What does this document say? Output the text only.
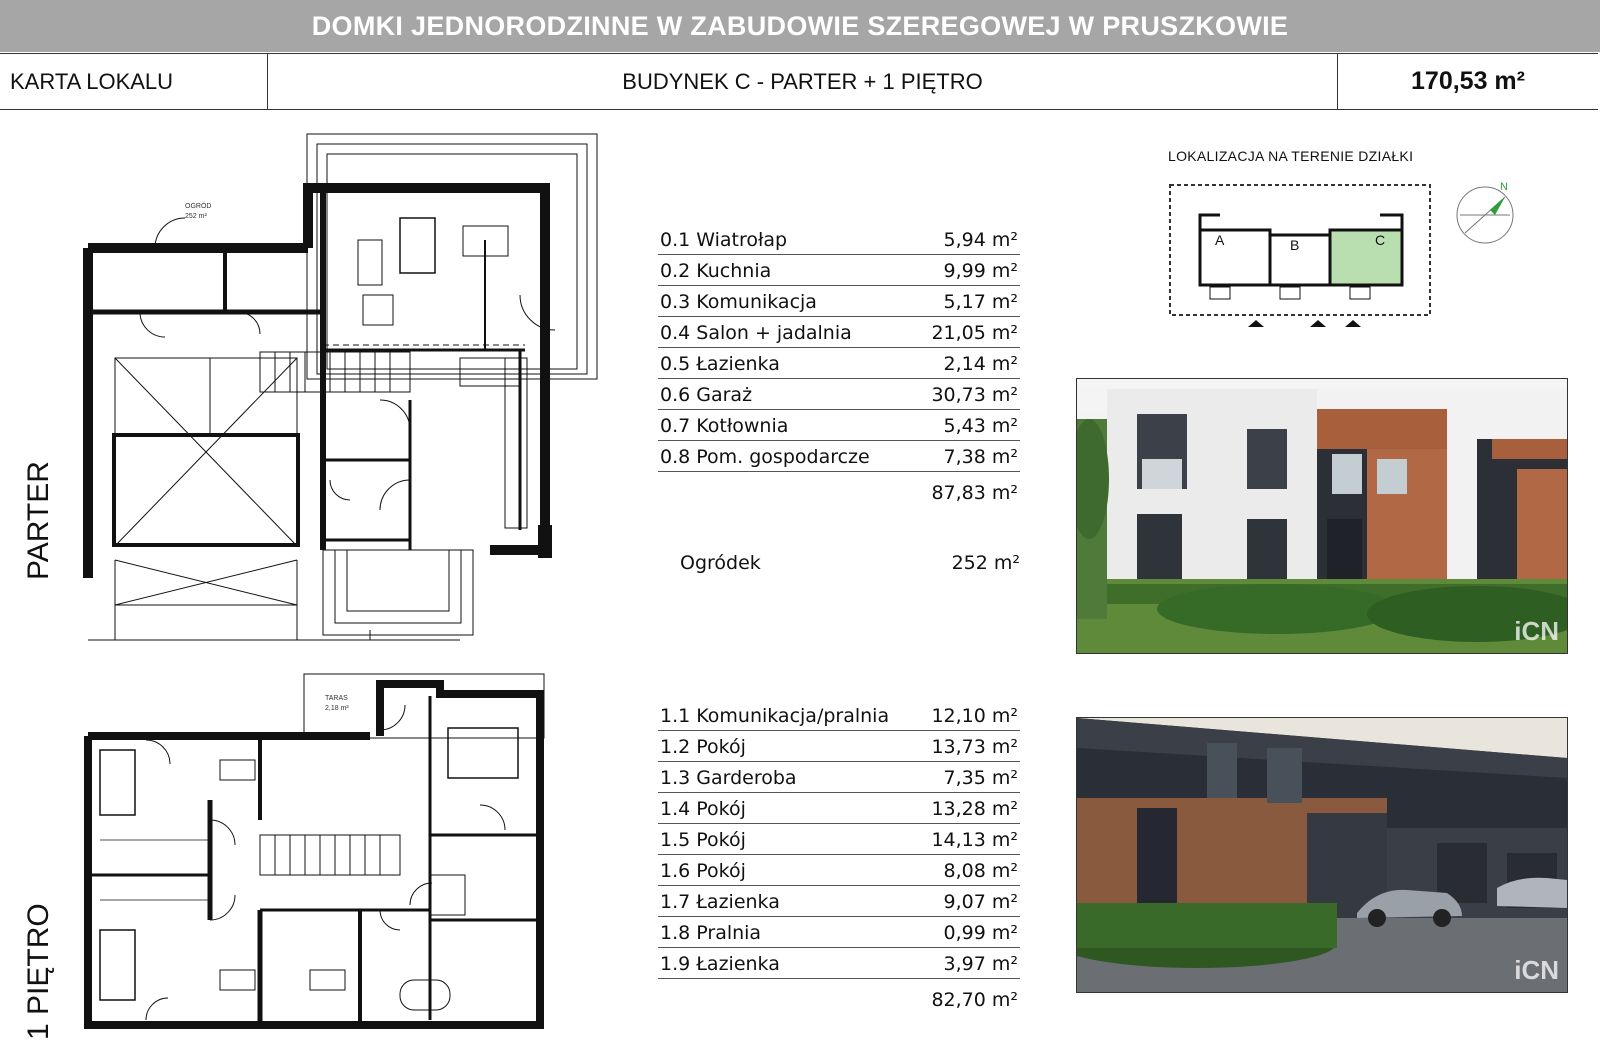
DOMKI JEDNORODZINNE W ZABUDOWIE SZEREGOWEJ W PRUSZKOWIE
KARTA LOKALU	BUDYNEK C - PARTER + 1 PIĘTRO	170,53 m²
PARTER
1 PIĘTRO
OGRÓD
252 m²
TARAS
2,18 m²
0.1 Wiatrołap	5,94 m²
0.2 Kuchnia	9,99 m²
0.3 Komunikacja	5,17 m²
0.4 Salon + jadalnia	21,05 m²
0.5 Łazienka	2,14 m²
0.6 Garaż	30,73 m²
0.7 Kotłownia	5,43 m²
0.8 Pom. gospodarcze	7,38 m²
87,83 m²
Ogródek	252 m²
1.1 Komunikacja/pralnia 12,10 m²
1.2 Pokój	13,73 m²
1.3 Garderoba	7,35 m²
1.4 Pokój	13,28 m²
1.5 Pokój	14,13 m²
1.6 Pokój	8,08 m²
1.7 Łazienka	9,07 m²
1.8 Pralnia	0,99 m²
1.9 Łazienka	3,97 m²
82,70 m²
LOKALIZACJA NA TERENIE DZIAŁKI
A	B	C
N
iCN
iCN
